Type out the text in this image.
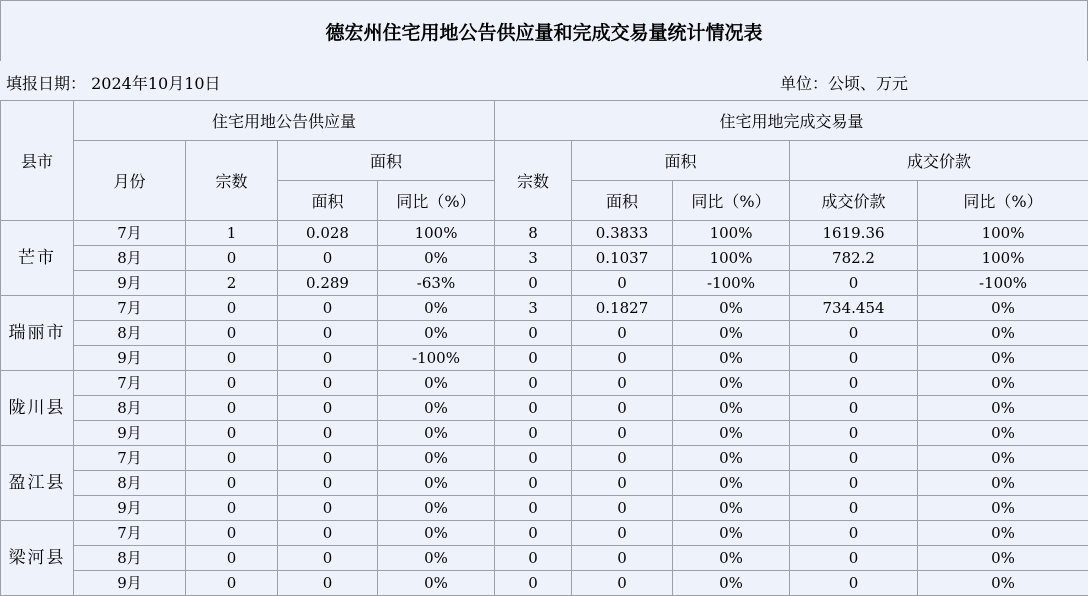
德宏州住宅用地公告供应量和完成交易量统计情况表
填报日期： 2024年10月10日	单位：公顷、万元
县市	住宅用地公告供应量				住宅用地完成交易量				
	月份	宗数	面积		宗数	面积		成交价款	
			面积	同比（%）		面积	同比（%）	成交价款	同比（%）
芒市	7月	1	0.028	100%	8	0.3833	100%	1619.36	100%
	8月	0	0	0%	3	0.1037	100%	782.2	100%
	9月	2	0.289	-63%	0	0	-100%	0	-100%
瑞丽市	7月	0	0	0%	3	0.1827	0%	734.454	0%
	8月	0	0	0%	0	0	0%	0	0%
	9月	0	0	-100%	0	0	0%	0	0%
陇川县	7月	0	0	0%	0	0	0%	0	0%
	8月	0	0	0%	0	0	0%	0	0%
	9月	0	0	0%	0	0	0%	0	0%
盈江县	7月	0	0	0%	0	0	0%	0	0%
	8月	0	0	0%	0	0	0%	0	0%
	9月	0	0	0%	0	0	0%	0	0%
梁河县	7月	0	0	0%	0	0	0%	0	0%
	8月	0	0	0%	0	0	0%	0	0%
	9月	0	0	0%	0	0	0%	0	0%
